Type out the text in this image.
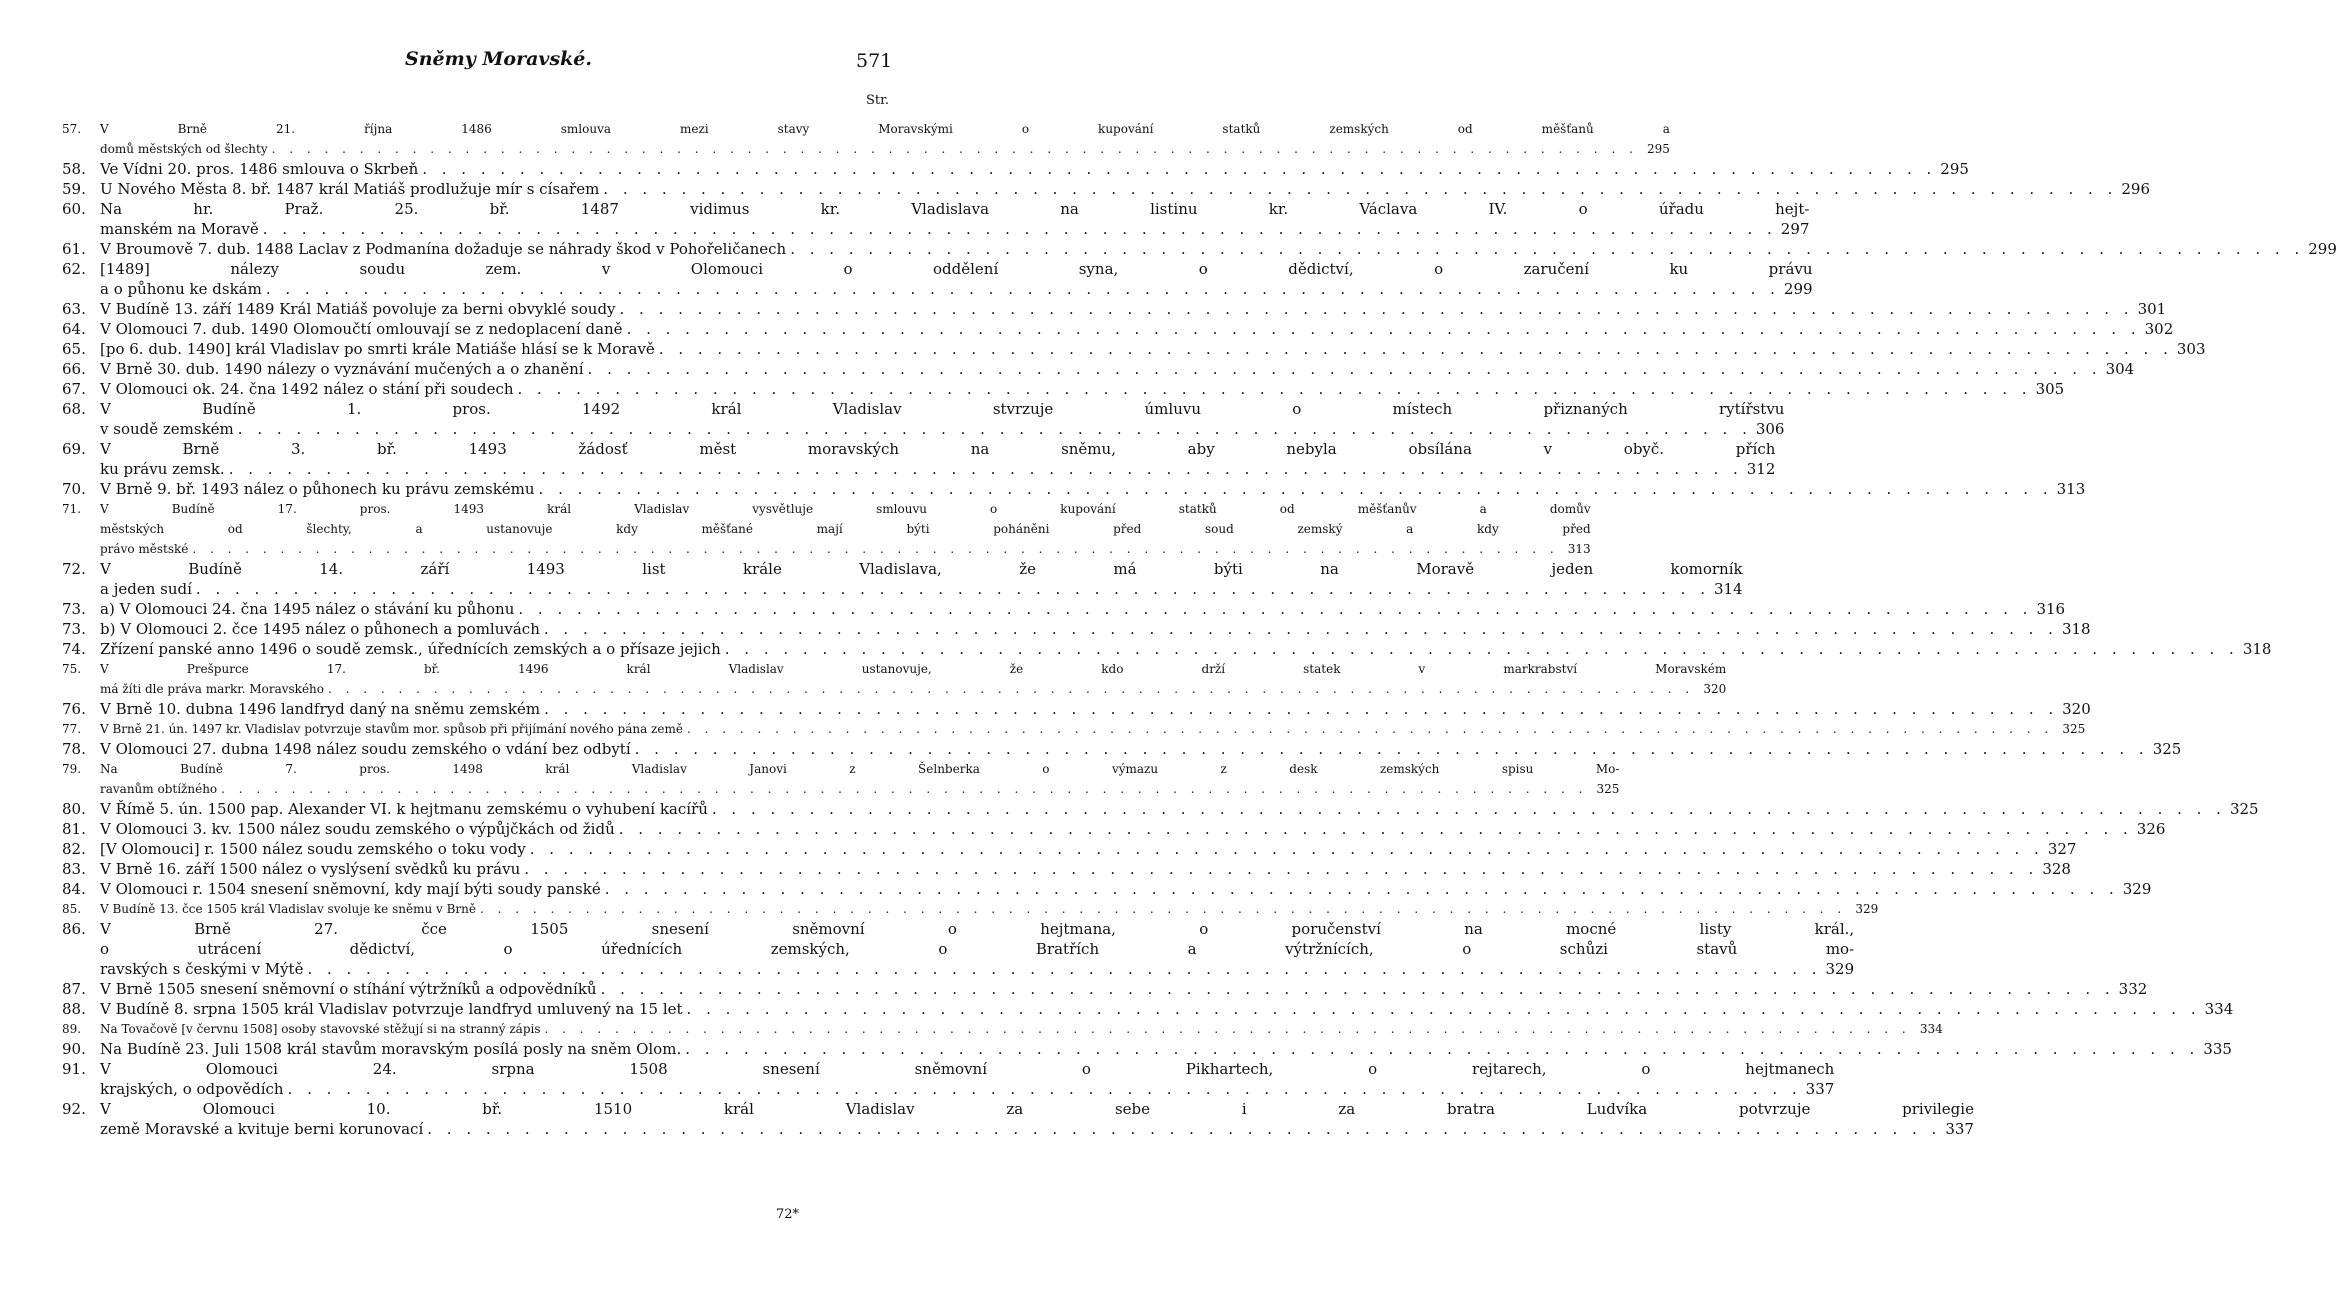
Sněmy Moravské.	571
Str.
57.	V Brně 21. října 1486 smlouva mezi stavy Moravskými o kupování statků zemských od měšťanů a
domů městských od šlechty . . .	295
58. Ve Vídni 20. pros. 1486 smlouva o Skrbeň . . .	295
59. U Nového Města 8. bř. 1487 král Matiáš prodlužuje mír s císařem . . .	296
60. Na hr. Praž. 25. bř. 1487 vidimus kr. Vladislava na listinu kr. Václava IV. o úřadu hejt-
manském na Moravě . . .	297
61. V Broumově 7. dub. 1488 Laclav z Podmanína dožaduje se náhrady škod v Pohořeličanech . . .	299
62. [1489] nálezy soudu zem. v Olomouci o oddělení syna, o dědictví, o zaručení ku právu
a o půhonu ke dskám . . .	299
63. V Budíně 13. září 1489 Král Matiáš povoluje za berni obvyklé soudy . . .	301
64. V Olomouci 7. dub. 1490 Olomoučtí omlouvají se z nedoplacení daně . . .	302
65. [po 6. dub. 1490] král Vladislav po smrti krále Matiáše hlásí se k Moravě . . .	303
66. V Brně 30. dub. 1490 nálezy o vyznávání mučených a o zhanění . . .	304
67. V Olomouci ok. 24. čna 1492 nález o stání při soudech . . .	305
68. V Budíně 1. pros. 1492 král Vladislav stvrzuje úmluvu o místech přiznaných rytířstvu
v soudě zemském . . .	306
69. V Brně 3. bř. 1493 žádosť měst moravských na sněmu, aby nebyla obsílána v obyč. přích
ku právu zemsk. . . .	312
70. V Brně 9. bř. 1493 nález o půhonech ku právu zemskému . . .	313
71.	V Budíně 17. pros. 1493 král Vladislav vysvětluje smlouvu o kupování statků od měšťanův a domův
městských od šlechty, a ustanovuje kdy měšťané mají býti poháněni před soud zemský a kdy před
právo městské . . .	313
72. V Budíně 14. září 1493 list krále Vladislava, že má býti na Moravě jeden komorník
a jeden sudí . . .	314
73. a) V Olomouci 24. čna 1495 nález o stávání ku půhonu . . .	316
73. b) V Olomouci 2. čce 1495 nález o půhonech a pomluvách . . .	318
74. Zřízení panské anno 1496 o soudě zemsk., úřednících zemských a o přísaze jejich . . .	318
75.	V Prešpurce 17. bř. 1496 král Vladislav ustanovuje, že kdo drží statek v markrabství Moravském
má žíti dle práva markr. Moravského . . .	320
76. V Brně 10. dubna 1496 landfryd daný na sněmu zemském . . .	320
77.	V Brně 21. ún. 1497 kr. Vladislav potvrzuje stavům mor. spůsob při přijímání nového pána země . . .	325
78. V Olomouci 27. dubna 1498 nález soudu zemského o vdání bez odbytí . . .	325
79.	Na Budíně 7. pros. 1498 král Vladislav Janovi z Šelnberka o výmazu z desk zemských spisu Mo-
ravanům obtížného . . .	325
80. V Římě 5. ún. 1500 pap. Alexander VI. k hejtmanu zemskému o vyhubení kacířů . . .	325
81. V Olomouci 3. kv. 1500 nález soudu zemského o výpůjčkách od židů . . .	326
82. [V Olomouci] r. 1500 nález soudu zemského o toku vody . . .	327
83. V Brně 16. září 1500 nález o vyslýsení svědků ku právu . . .	328
84. V Olomouci r. 1504 snesení sněmovní, kdy mají býti soudy panské . . .	329
85.	V Budíně 13. čce 1505 král Vladislav svoluje ke sněmu v Brně . . .	329
86. V Brně 27. čce 1505 snesení sněmovní o hejtmana, o poručenství na mocné listy král.,
o utrácení dědictví, o úřednících zemských, o Bratřích a výtržnících, o schůzi stavů mo-
ravských s českými v Mýtě . . .	329
87. V Brně 1505 snesení sněmovní o stíhání výtržníků a odpovědníků . . .	332
88. V Budíně 8. srpna 1505 král Vladislav potvrzuje landfryd umluvený na 15 let . . .	334
89.	Na Tovačově [v červnu 1508] osoby stavovské stěžují si na stranný zápis . . .	334
90. Na Budíně 23. Juli 1508 král stavům moravským posílá posly na sněm Olom. . . .	335
91. V Olomouci 24. srpna 1508 snesení sněmovní o Pikhartech, o rejtarech, o hejtmanech
krajských, o odpovědích . . .	337
92. V Olomouci 10. bř. 1510 král Vladislav za sebe i za bratra Ludvíka potvrzuje privilegie
země Moravské a kvituje berni korunovací . . .	337
72*
